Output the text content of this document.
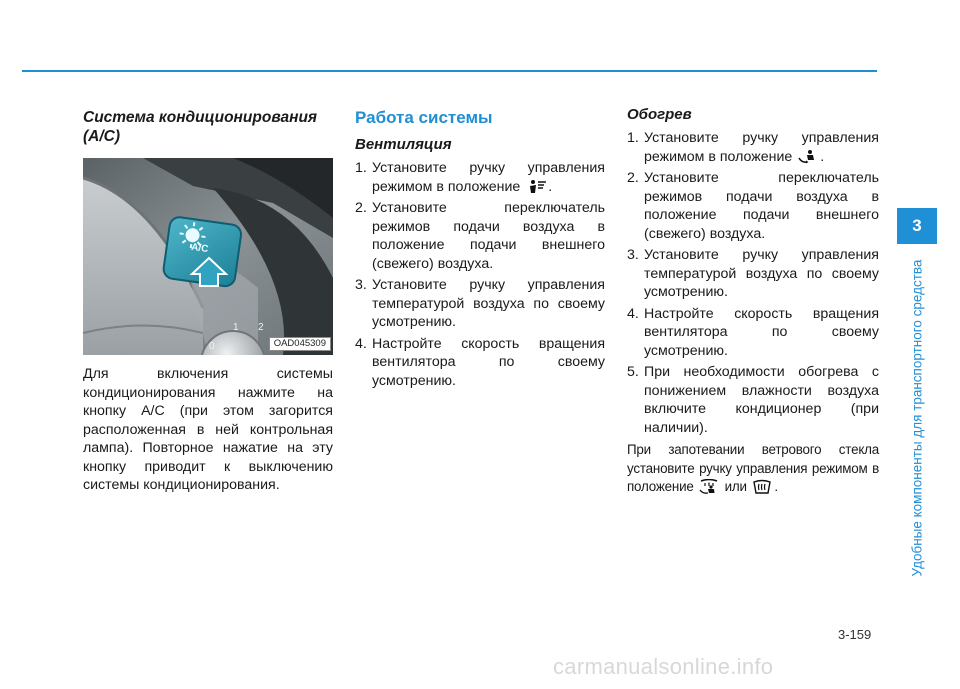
Система кондиционирования (A/C)
A/C
0
1 2
OAD045309

Для включения системы кондиционирования нажмите на кнопку A/C (при этом загорится расположенная в ней контрольная лампа). Повторное нажатие на эту кнопку приводит к выключению системы кондиционирования.

Работа системы
Вентиляция
1. Установите ручку управления режимом в положение .
2. Установите переключатель режимов подачи воздуха в положение подачи внешнего (свежего) воздуха.
3. Установите ручку управления температурой воздуха по своему усмотрению.
4. Настройте скорость вращения вентилятора по своему усмотрению.
Обогрев
1. Установите ручку управления режимом в положение .
2. Установите переключатель режимов подачи воздуха в положение подачи внешнего (свежего) воздуха.
3. Установите ручку управления температурой воздуха по своему усмотрению.
4. Настройте скорость вращения вентилятора по своему усмотрению.
5. При необходимости обогрева с понижением влажности воздуха включите кондиционер (при наличии).

При запотевании ветрового стекла установите ручку управления режимом в положение или .

3
Удобные компоненты для транспортного средства
3-159
carmanualsonline.info
